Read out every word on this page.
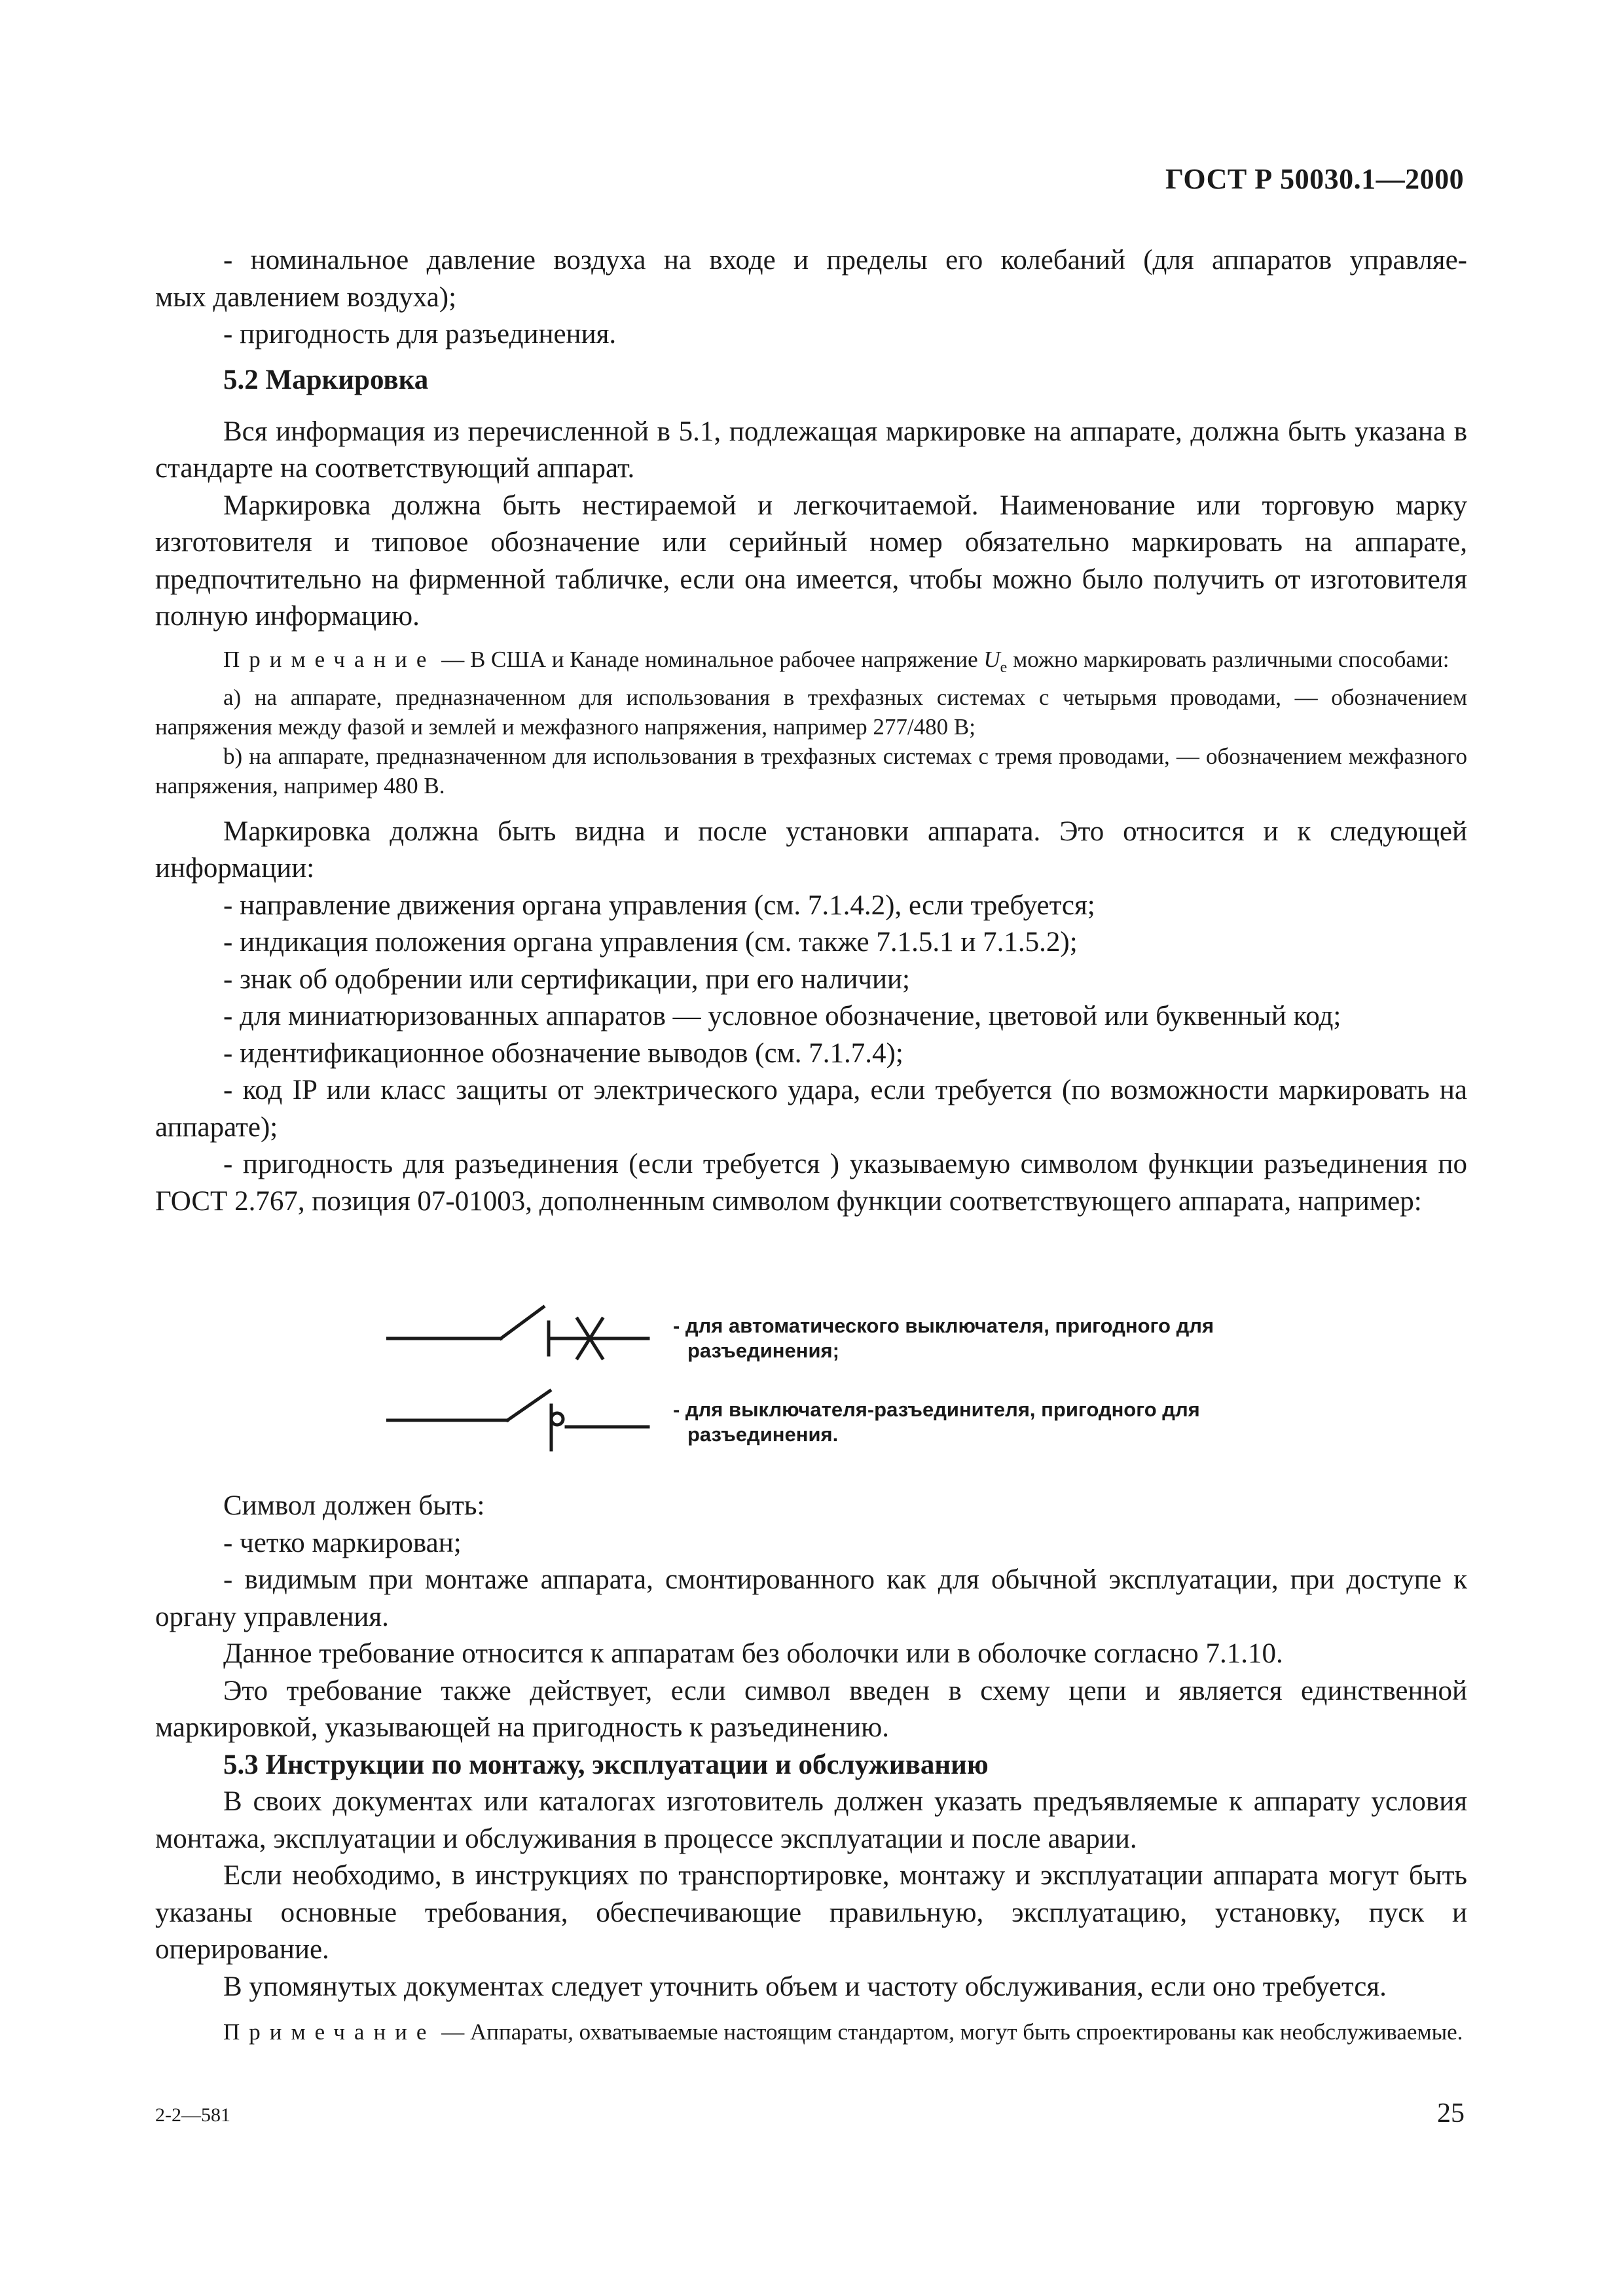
ГОСТ Р 50030.1—2000

- номинальное давление воздуха на входе и пределы его колебаний (для аппаратов управляе-

мых давлением воздуха);

- пригодность для разъединения.

5.2 Маркировка

Вся информация из перечисленной в 5.1, подлежащая маркировке на аппарате, должна быть указана в стандарте на соответствующий аппарат.

Маркировка должна быть нестираемой и легкочитаемой. Наименование или торговую марку изготовителя и типовое обозначение или серийный номер обязательно маркировать на аппарате, предпочтительно на фирменной табличке, если она имеется, чтобы можно было получить от изготовителя полную информацию.

Примечание — В США и Канаде номинальное рабочее напряжение $U_e$ можно маркировать различными способами:

а) на аппарате, предназначенном для использования в трехфазных системах с четырьмя проводами, — обозначением напряжения между фазой и землей и межфазного напряжения, например 277/480 В;

b) на аппарате, предназначенном для использования в трехфазных системах с тремя проводами, — обозначением межфазного напряжения, например 480 В.

Маркировка должна быть видна и после установки аппарата. Это относится и к следующей информации:

- направление движения органа управления (см. 7.1.4.2), если требуется;

- индикация положения органа управления (см. также 7.1.5.1 и 7.1.5.2);

- знак об одобрении или сертификации, при его наличии;

- для миниатюризованных аппаратов — условное обозначение, цветовой или буквенный код;

- идентификационное обозначение выводов (см. 7.1.7.4);

- код IP или класс защиты от электрического удара, если требуется (по возможности маркировать на аппарате);

- пригодность для разъединения (если требуется ) указываемую символом функции разъединения по ГОСТ 2.767, позиция 07-01003, дополненным символом функции соответствующего аппарата, например:

- для автоматического выключателя, пригодного для
разъединения;
- для выключателя-разъединителя, пригодного для
разъединения.

Символ должен быть:

- четко маркирован;

- видимым при монтаже аппарата, смонтированного как для обычной эксплуатации, при доступе к органу управления.

Данное требование относится к аппаратам без оболочки или в оболочке согласно 7.1.10.

Это требование также действует, если символ введен в схему цепи и является единственной маркировкой, указывающей на пригодность к разъединению.

5.3 Инструкции по монтажу, эксплуатации и обслуживанию

В своих документах или каталогах изготовитель должен указать предъявляемые к аппарату условия монтажа, эксплуатации и обслуживания в процессе эксплуатации и после аварии.

Если необходимо, в инструкциях по транспортировке, монтажу и эксплуатации аппарата могут быть указаны основные требования, обеспечивающие правильную, эксплуатацию, установку, пуск и оперирование.

В упомянутых документах следует уточнить объем и частоту обслуживания, если оно требуется.

Примечание — Аппараты, охватываемые настоящим стандартом, могут быть спроектированы как необслуживаемые.

2-2—581	25
